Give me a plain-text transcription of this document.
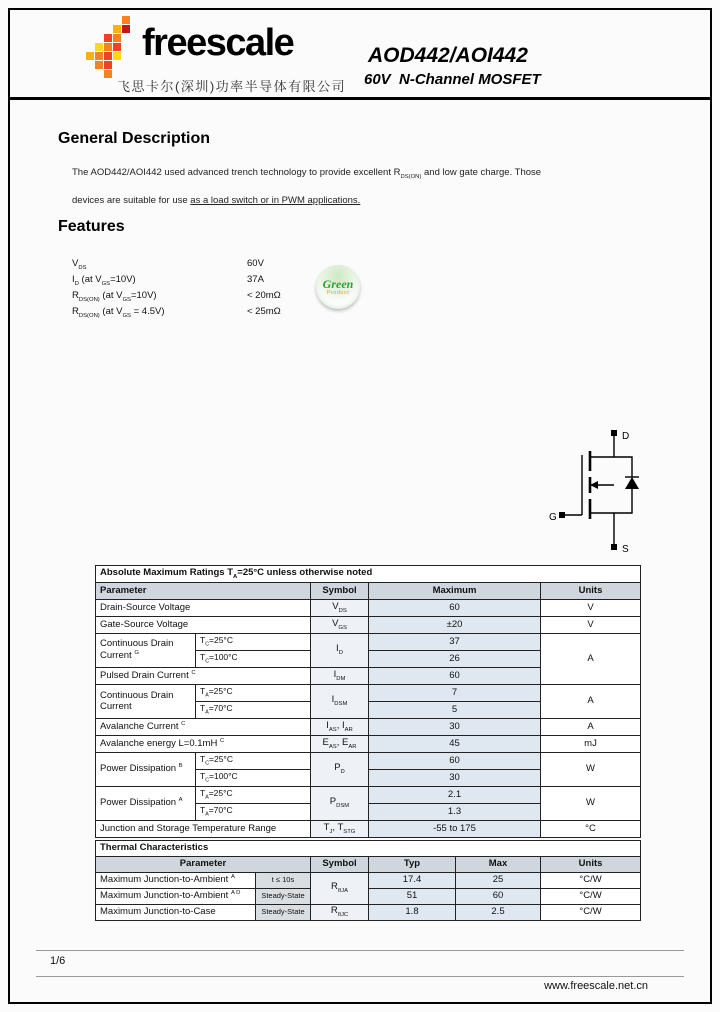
freescale
飞思卡尔(深圳)功率半导体有限公司
AOD442/AOI442
60V  N-Channel MOSFET
General Description
The AOD442/AOI442 used advanced trench technology to provide excellent $R_{DS(ON)}$ and low gate charge. Those
devices are suitable for use as a load switch or in PWM applications.
Features
$V_{DS}$	60V
$I_D$ (at $V_{GS}=10V$)	37A
$R_{DS(ON)}$ (at $V_{GS}=10V$)	< 20mΩ
$R_{DS(ON)}$ (at $V_{GS} = 4.5V$)	< 25mΩ
Green
Product
D
S
G
Absolute Maximum Ratings $T_A=25^\circ C$ unless otherwise noted				
Parameter		Symbol	Maximum	Units
Drain-Source Voltage		$V_{DS}$	60	V
Gate-Source Voltage		$V_{GS}$	±20	V
Continuous Drain Current $^G$	$T_C=25^\circ C$	$I_D$	37	A
	$T_C=100^\circ C$		26	
Pulsed Drain Current $^C$		$I_{DM}$	60	
Continuous Drain Current	$T_A=25^\circ C$	$I_{DSM}$	7	A
	$T_A=70^\circ C$		5	
Avalanche Current $^C$		$I_{AS}$, $I_{AR}$	30	A
Avalanche energy L=0.1mH $^C$		$E_{AS}$, $E_{AR}$	45	mJ
Power Dissipation $^B$	$T_C=25^\circ C$	$P_D$	60	W
	$T_C=100^\circ C$		30	
Power Dissipation $^A$	$T_A=25^\circ C$	$P_{DSM}$	2.1	W
	$T_A=70^\circ C$		1.3	
Junction and Storage Temperature Range		$T_J$, $T_{STG}$	-55 to 175	°C
Thermal Characteristics					
Parameter		Symbol	Typ	Max	Units
Maximum Junction-to-Ambient $^A$	t ≤ 10s	$R_{\theta JA}$	17.4	25	°C/W
Maximum Junction-to-Ambient $^{A D}$	Steady-State		51	60	°C/W
Maximum Junction-to-Case	Steady-State	$R_{\theta JC}$	1.8	2.5	°C/W
1/6
www.freescale.net.cn
